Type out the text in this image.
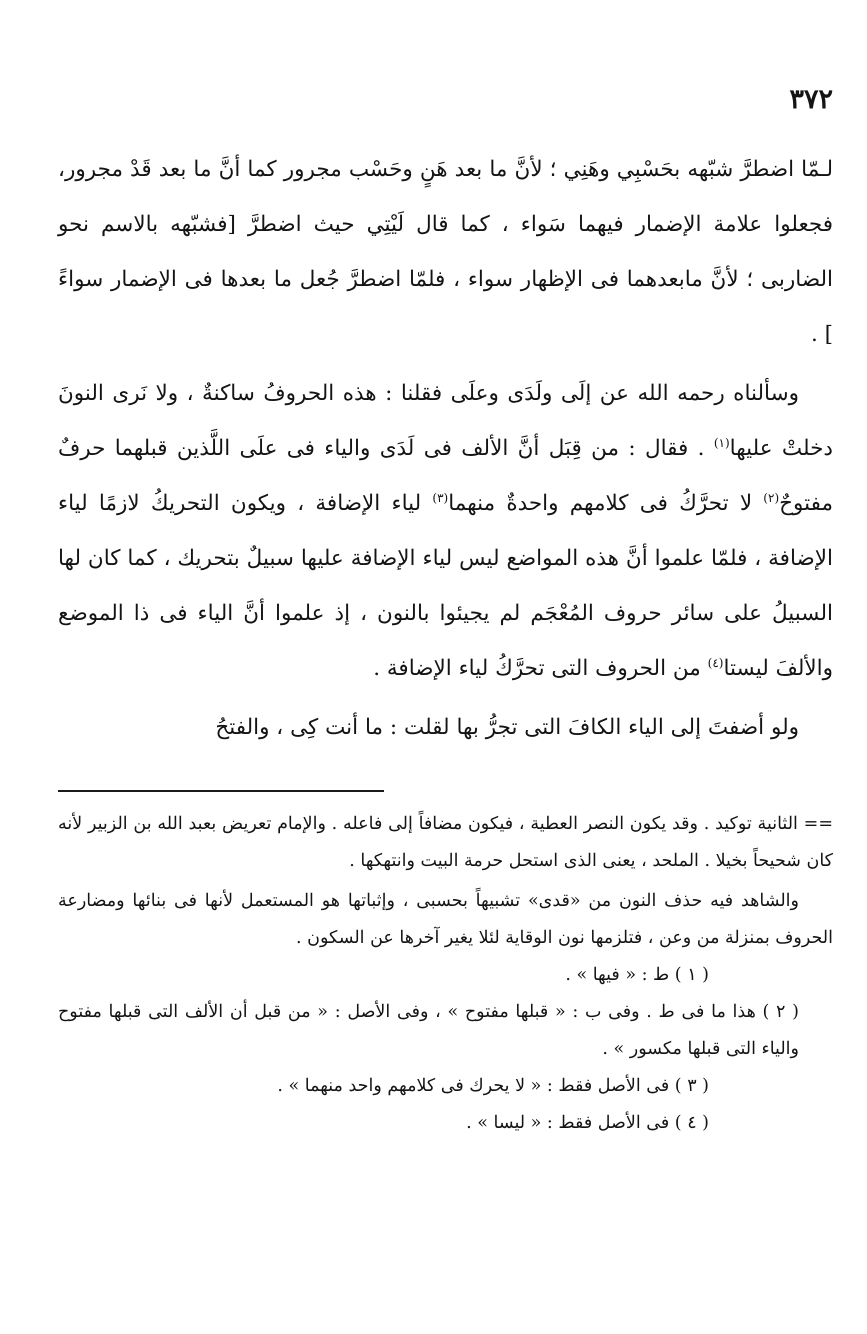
٣٧٢

لـمّا اضطرَّ شبّهه بحَسْبِي وهَنِي ؛ لأنَّ ما بعد هَنٍ وحَسْب مجرور كما أنَّ ما بعد قَدْ مجرور، فجعلوا علامة الإضمار فيهما سَواء ، كما قال لَيْتِي حيث اضطرَّ [فشبّهه بالاسم نحو الضاربى ؛ لأنَّ مابعدهما فى الإظهار سواء ، فلمّا اضطرَّ جُعل ما بعدها فى الإضمار سواءً ] .

وسألناه رحمه الله عن إلَى ولَدَى وعلَى فقلنا : هذه الحروفُ ساكنةٌ ، ولا نَرى النونَ دخلتْ عليها$^{(١)}$ . فقال : من قِبَل أنَّ الألف فى لَدَى والياء فى علَى اللَّذين قبلهما حرفٌ مفتوحٌ$^{(٢)}$ لا تحرَّكُ فى كلامهم واحدةٌ منهما$^{(٣)}$ لياء الإضافة ، ويكون التحريكُ لازمًا لياء الإضافة ، فلمّا علموا أنَّ هذه المواضع ليس لياء الإضافة عليها سبيلٌ بتحريك ، كما كان لها السبيلُ على سائر حروف المُعْجَم لم يجيئوا بالنون ، إذ علموا أنَّ الياء فى ذا الموضع والألفَ ليستا$^{(٤)}$ من الحروف التى تحرَّكُ لياء الإضافة .

ولو أضفتَ إلى الياء الكافَ التى تجرُّ بها لقلت : ما أنت كِى ، والفتحُ

== الثانية توكيد . وقد يكون النصر العطية ، فيكون مضافاً إلى فاعله . والإمام تعريض بعبد الله بن الزبير لأنه كان شحيحاً بخيلا . الملحد ، يعنى الذى استحل حرمة البيت وانتهكها .

والشاهد فيه حذف النون من «قدى» تشبيهاً بحسبى ، وإثباتها هو المستعمل لأنها فى بنائها ومضارعة الحروف بمنزلة من وعن ، فتلزمها نون الوقاية لئلا يغير آخرها عن السكون .

( ١ ) ط : « فيها » .

( ٢ ) هذا ما فى ط . وفى ب : « قبلها مفتوح » ، وفى الأصل : « من قبل أن الألف التى قبلها مفتوح والياء التى قبلها مكسور » .

( ٣ ) فى الأصل فقط : « لا يحرك فى كلامهم واحد منهما » .

( ٤ ) فى الأصل فقط : « ليسا » .
